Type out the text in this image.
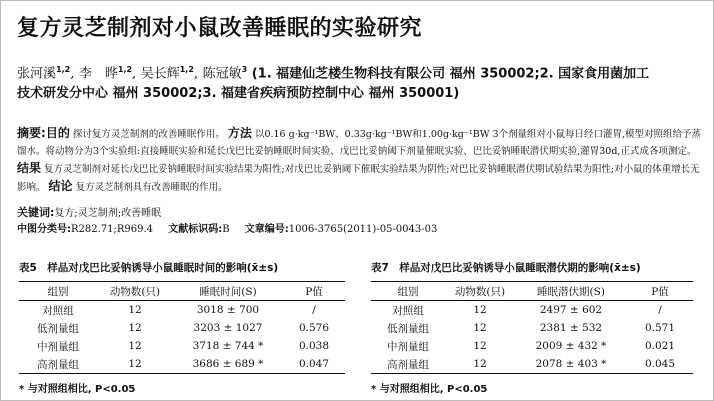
复方灵芝制剂对小鼠改善睡眠的实验研究
张河溪$^{1,2}$, 李　晔$^{1,2}$, 吴长辉$^{1,2}$, 陈冠敏$^3$ (1. 福建仙芝楼生物科技有限公司 福州 350002;2. 国家食用菌加工
技术研发分中心 福州 350002;3. 福建省疾病预防控制中心 福州 350001)
摘要:目的 探讨复方灵芝制剂的改善睡眠作用。 方法 以0.16 g·kg⁻¹BW、0.33g·kg⁻¹BW和1.00g·kg⁻¹BW 3个剂量组对小鼠每日经口灌胃,模型对照组给予蒸馏水。将动物分为3个实验组:直接睡眠实验和延长戊巴比妥钠睡眠时间实验、戊巴比妥钠阈下剂量催眠实验、巴比妥钠睡眠潜伏期实验,灌胃30d,正式成各项测定。 结果 复方灵芝制剂对延长戊巴比妥钠睡眠时间实验结果为阳性;对戊巴比妥钠阈下催眠实验结果为阴性;对巴比妥钠睡眠潜伏期试验结果为阳性;对小鼠的体重增长无影响。 结论 复方灵芝制剂具有改善睡眠的作用。
关键词:复方;灵芝制剂;改善睡眠
中图分类号:R282.71;R969.4 文献标识码:B 文章编号:1006-3765(2011)-05-0043-03
表5　样品对戊巴比妥钠诱导小鼠睡眠时间的影响(x̄±s)
组别	动物数(只)	睡眠时间(S)	P值
对照组	12	3018 ± 700	/
低剂量组	12	3203 ± 1027	0.576
中剂量组	12	3718 ± 744 *	0.038
高剂量组	12	3686 ± 689 *	0.047
* 与对照组相比, P<0.05
表7　样品对戊巴比妥钠诱导小鼠睡眠潜伏期的影响(x̄±s)
组别	动物数(只)	睡眠潜伏期(S)	P值
对照组	12	2497 ± 602	/
低剂量组	12	2381 ± 532	0.571
中剂量组	12	2009 ± 432 *	0.021
高剂量组	12	2078 ± 403 *	0.045
* 与对照组相比, P<0.05
